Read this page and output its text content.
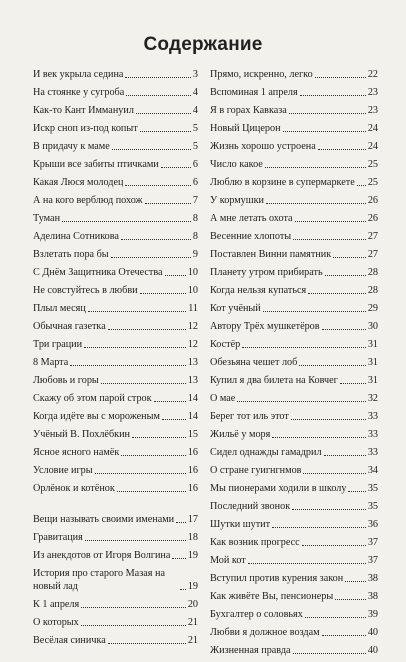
Содержание
И век укрыла седина	3
На стоянке у сугроба	4
Как-то Кант Иммануил	4
Искр сноп из-под копыт	5
В придачу к маме	5
Крыши все забиты птичками	6
Какая Люся молодец	6
А на кого верблюд похож	7
Туман	8
Аделина Сотникова	8
Взлетать пора бы	9
С Днём Защитника Отечества 10
Не совстуйтесь в любви	10
Плыл месяц	11
Обычная газетка	12
Три грации	12
8 Марта	13
Любовь и горы	13
Скажу об этом парой строк	14
Когда идёте вы с мороженым	14
Учёный В. Похлёбкин	15
Ясное ясного намёк	16
Условие игры	16
Орлёнок и котёнок	16
Вещи называть своими именами 17
Гравитация	18
Из анекдотов от Игоря Волгина 19
История про старого Мазая на новый лад	19
К 1 апреля	20
О которых	21
Весёлая синичка	21
Прямо, искренно, легко	22
Вспоминая 1 апреля	23
Я в горах Кавказа	23
Новый Цицерон	24
Жизнь хорошо устроена	24
Число какое	25
Люблю в корзине в супермаркете 25
У кормушки	26
А мне летать охота	26
Весенние хлопоты	27
Поставлен Винни памятник	27
Планету утром прибирать	28
Когда нельзя купаться	28
Кот учёный	29
Автору Трёх мушкетёров	30
Костёр	31
Обезьяна чешет лоб	31
Купил я два билета на Ковчег	31
О мае	32
Берег тот иль этот	33
Жильё у моря	33
Сидел однажды гамадрил	33
О стране гуигнгнмов	34
Мы пионерами ходили в школу 35
Последний звонок	35
Шутки шутит	36
Как возник прогресс	37
Мой кот	37
Вступил против курения закон 38
Как живёте Вы, пенсионеры	38
Бухгалтер о соловьях	39
Любви я должное воздам	40
Жизненная правда	40
